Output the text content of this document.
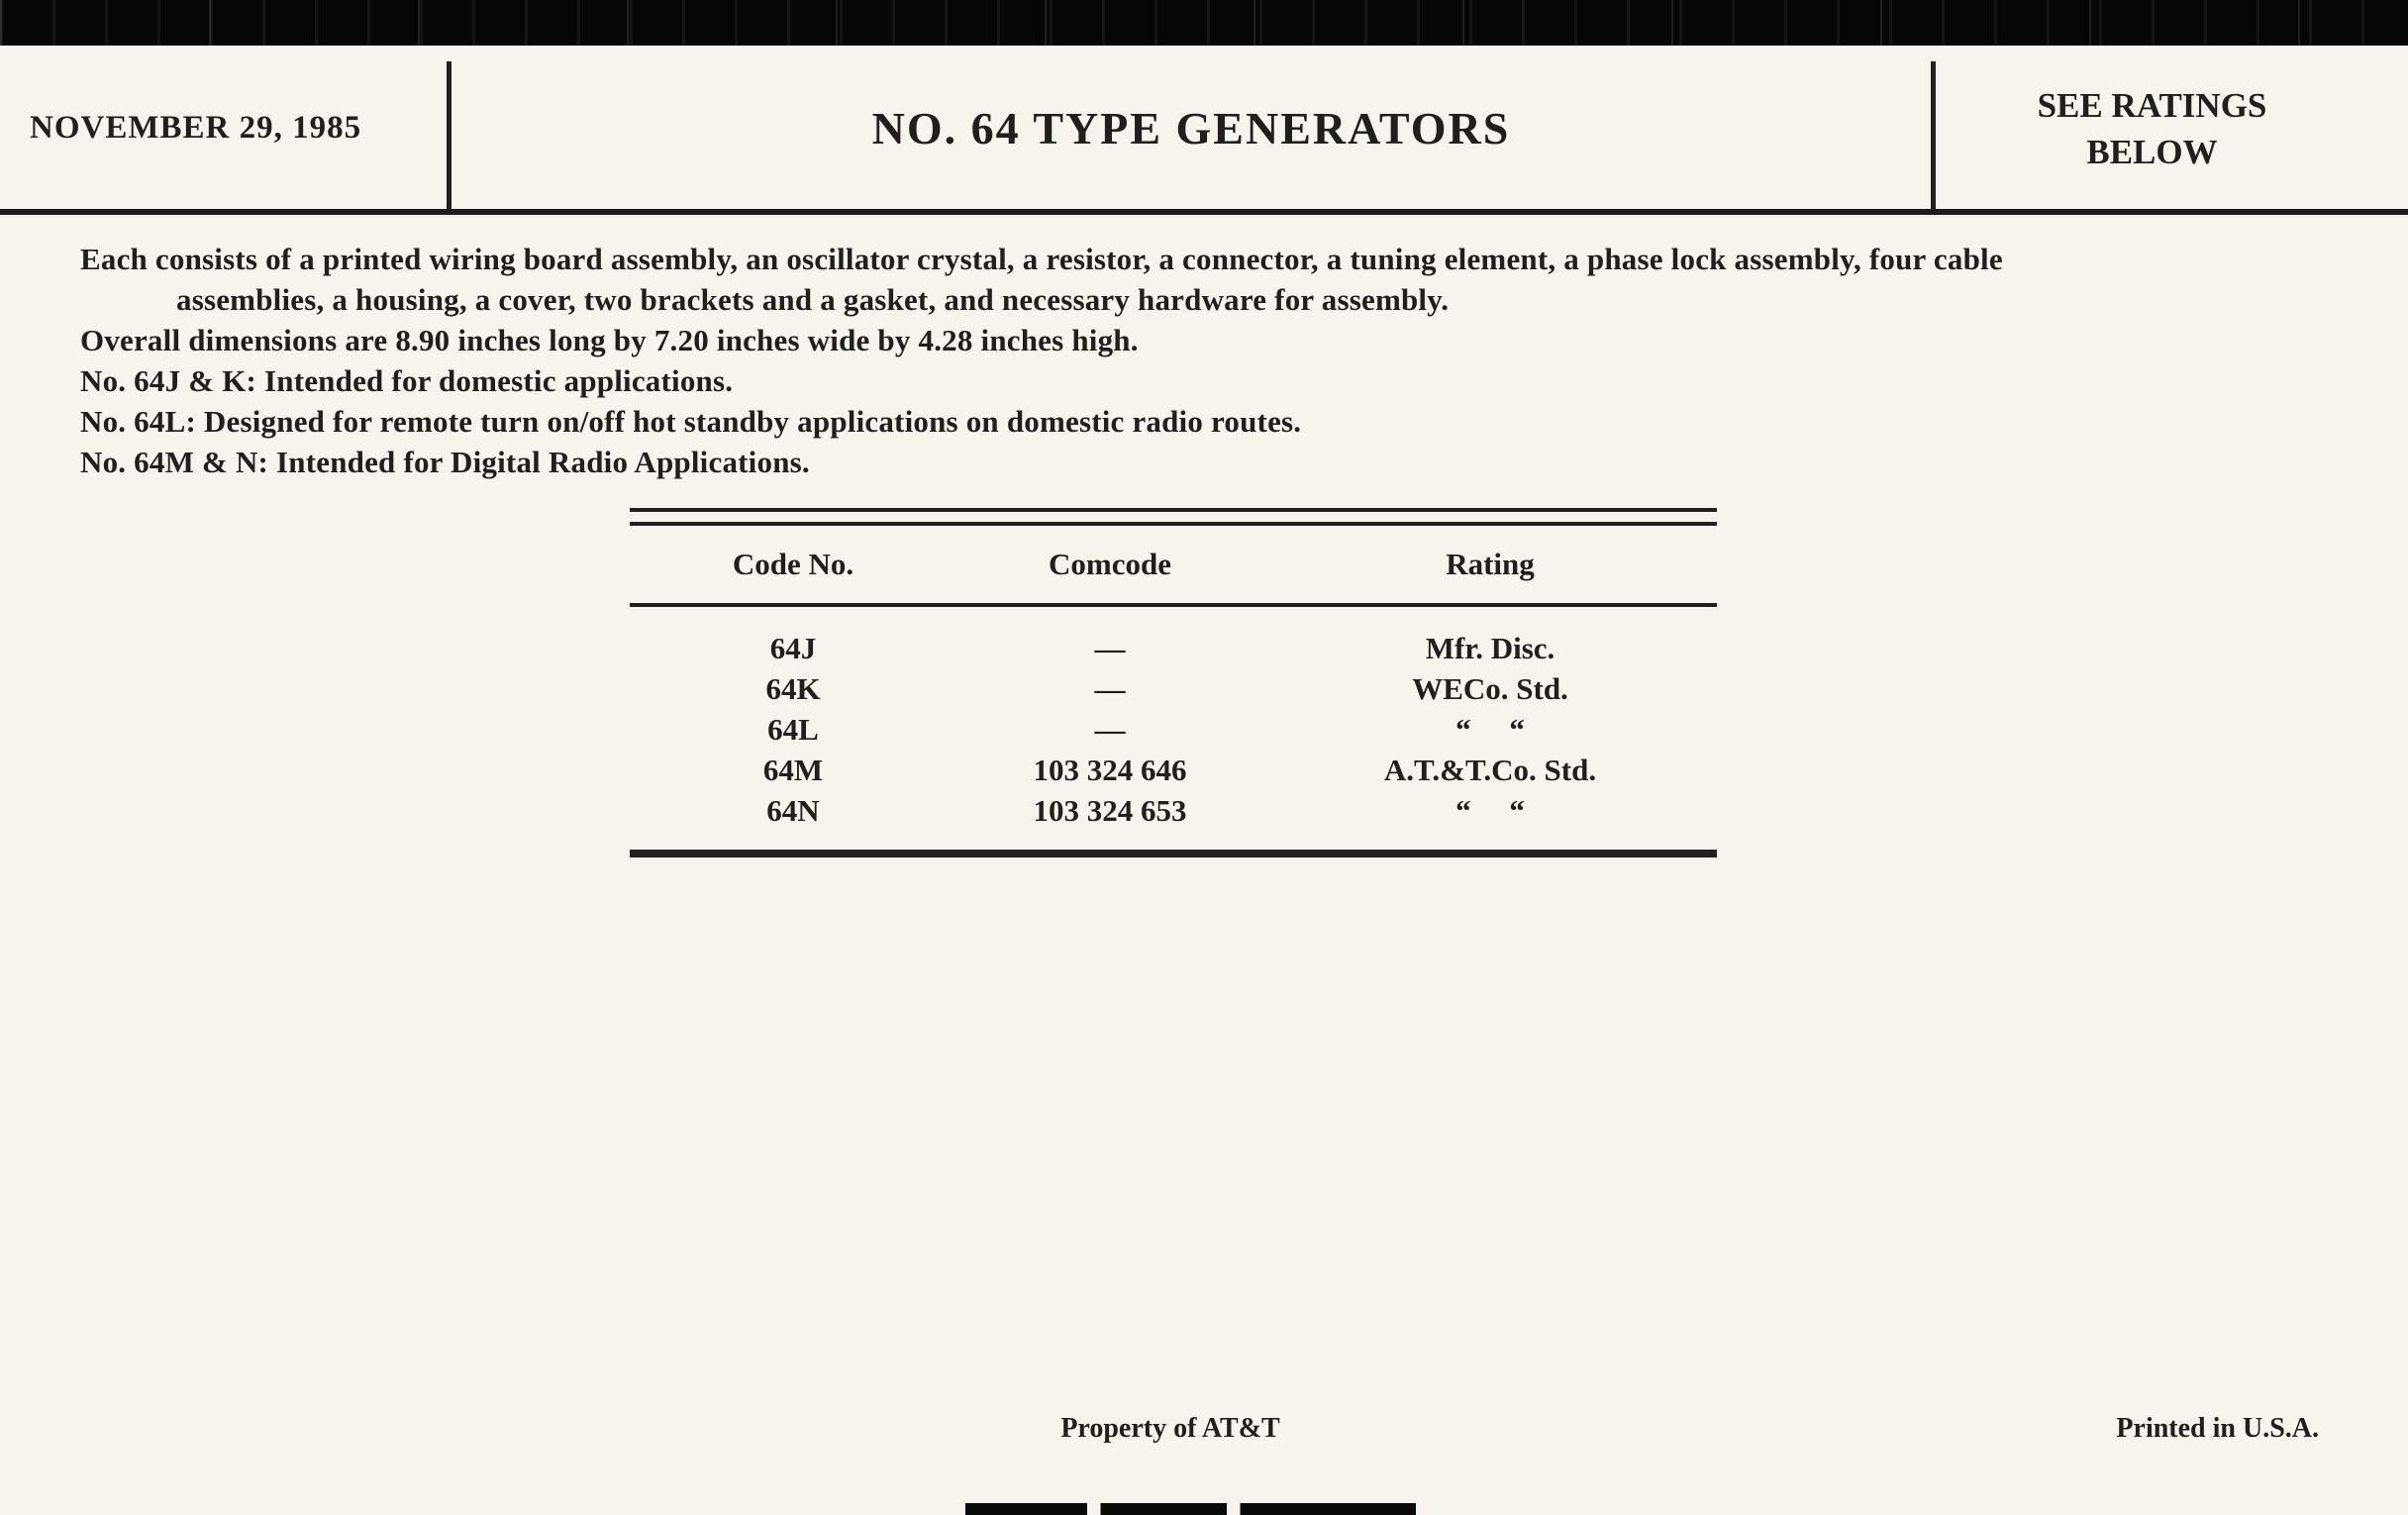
NOVEMBER 29, 1985	NO. 64 TYPE GENERATORS	SEE RATINGS
BELOW
Each consists of a printed wiring board assembly, an oscillator crystal, a resistor, a connector, a tuning element, a phase lock assembly, four cable
assemblies, a housing, a cover, two brackets and a gasket, and necessary hardware for assembly.
Overall dimensions are 8.90 inches long by 7.20 inches wide by 4.28 inches high.
No. 64J & K: Intended for domestic applications.
No. 64L: Designed for remote turn on/off hot standby applications on domestic radio routes.
No. 64M & N: Intended for Digital Radio Applications.
Code No.	Comcode	Rating
64J	—	Mfr. Disc.
64K	—	WECo. Std.
64L	—	“     “
64M	103 324 646	A.T.&T.Co. Std.
64N	103 324 653	“     “
Property of AT&T	Printed in U.S.A.
